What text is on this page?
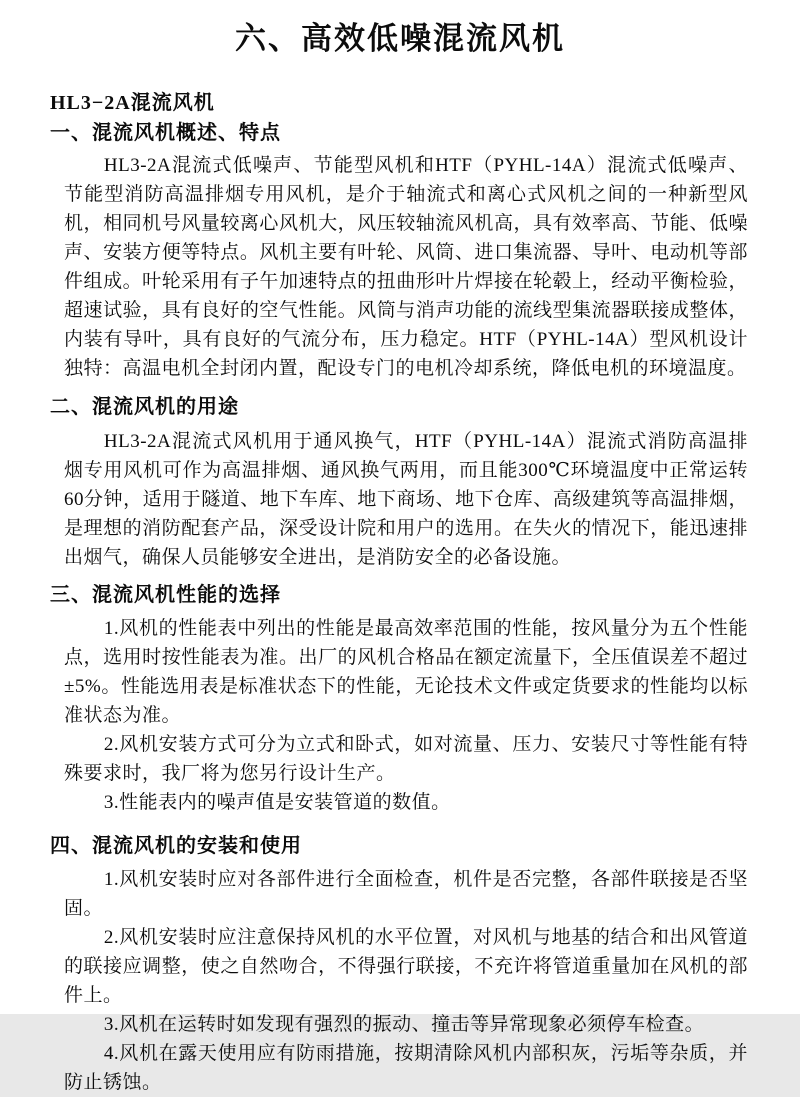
六、高效低噪混流风机
HL3−2A混流风机
一、混流风机概述、特点

HL3-2A混流式低噪声、节能型风机和HTF（PYHL-14A）混流式低噪声、节能型消防高温排烟专用风机，是介于轴流式和离心式风机之间的一种新型风机，相同机号风量较离心风机大，风压较轴流风机高，具有效率高、节能、低噪声、安装方便等特点。风机主要有叶轮、风筒、进口集流器、导叶、电动机等部件组成。叶轮采用有子午加速特点的扭曲形叶片焊接在轮毂上，经动平衡检验，超速试验，具有良好的空气性能。风筒与消声功能的流线型集流器联接成整体，内装有导叶，具有良好的气流分布，压力稳定。HTF（PYHL-14A）型风机设计独特：高温电机全封闭内置，配设专门的电机冷却系统，降低电机的环境温度。

二、混流风机的用途

HL3-2A混流式风机用于通风换气，HTF（PYHL-14A）混流式消防高温排烟专用风机可作为高温排烟、通风换气两用，而且能300℃环境温度中正常运转60分钟，适用于隧道、地下车库、地下商场、地下仓库、高级建筑等高温排烟，是理想的消防配套产品，深受设计院和用户的选用。在失火的情况下，能迅速排出烟气，确保人员能够安全进出，是消防安全的必备设施。

三、混流风机性能的选择

1.风机的性能表中列出的性能是最高效率范围的性能，按风量分为五个性能点，选用时按性能表为准。出厂的风机合格品在额定流量下，全压值误差不超过±5%。性能选用表是标准状态下的性能，无论技术文件或定货要求的性能均以标准状态为准。

2.风机安装方式可分为立式和卧式，如对流量、压力、安装尺寸等性能有特殊要求时，我厂将为您另行设计生产。

3.性能表内的噪声值是安装管道的数值。

四、混流风机的安装和使用

1.风机安装时应对各部件进行全面检查，机件是否完整，各部件联接是否坚固。

2.风机安装时应注意保持风机的水平位置，对风机与地基的结合和出风管道的联接应调整，使之自然吻合，不得强行联接，不充许将管道重量加在风机的部件上。

3.风机在运转时如发现有强烈的振动、撞击等异常现象必须停车检查。

4.风机在露天使用应有防雨措施，按期清除风机内部积灰，污垢等杂质，并防止锈蚀。
